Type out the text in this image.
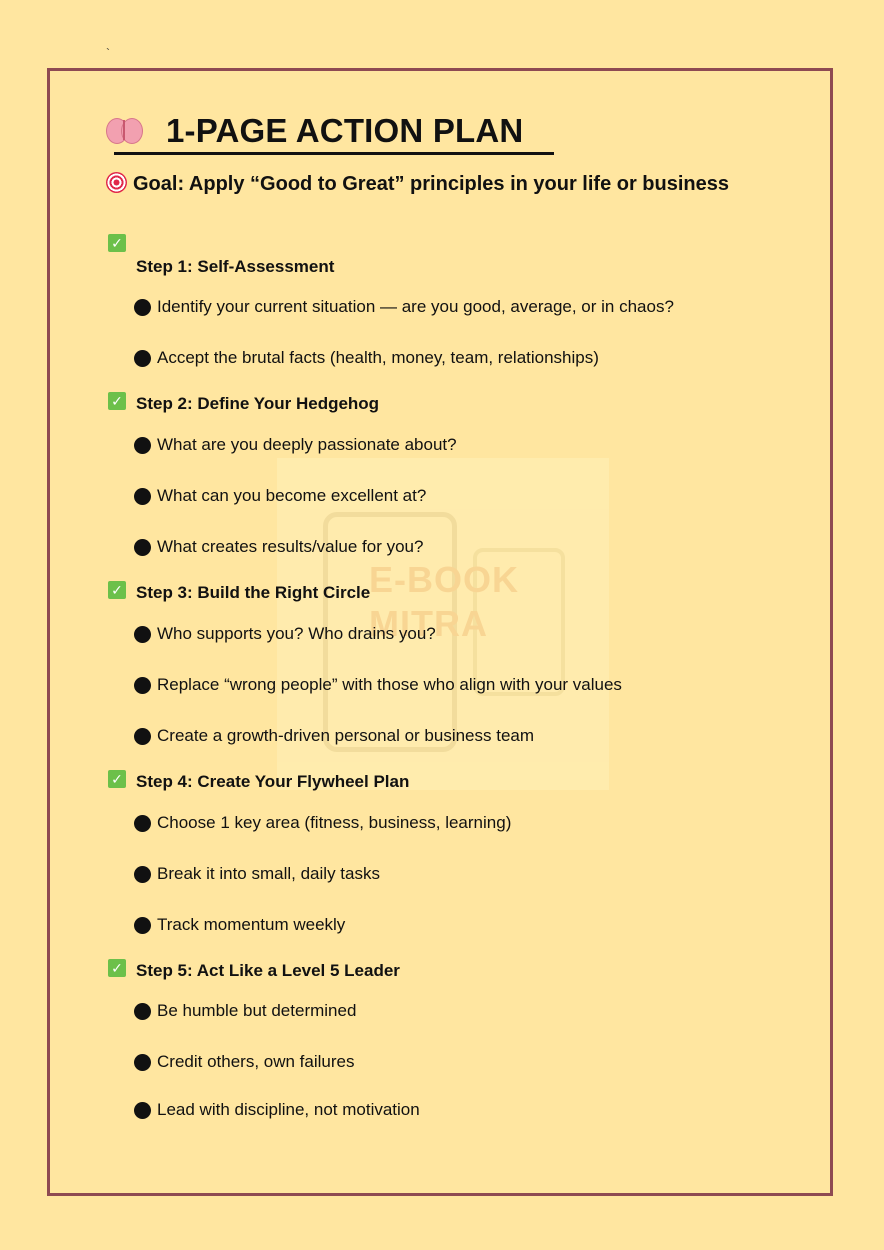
`
E-BOOK
MITRA
1-PAGE ACTION PLAN
Goal: Apply “Good to Great” principles in your life or business
✓
Step 1: Self-Assessment
Identify your current situation — are you good, average, or in chaos?
Accept the brutal facts (health, money, team, relationships)
✓ Step 2: Define Your Hedgehog
What are you deeply passionate about?
What can you become excellent at?
What creates results/value for you?
✓ Step 3: Build the Right Circle
Who supports you? Who drains you?
Replace “wrong people” with those who align with your values
Create a growth-driven personal or business team
✓ Step 4: Create Your Flywheel Plan
Choose 1 key area (fitness, business, learning)
Break it into small, daily tasks
Track momentum weekly
✓ Step 5: Act Like a Level 5 Leader
Be humble but determined
Credit others, own failures
Lead with discipline, not motivation
